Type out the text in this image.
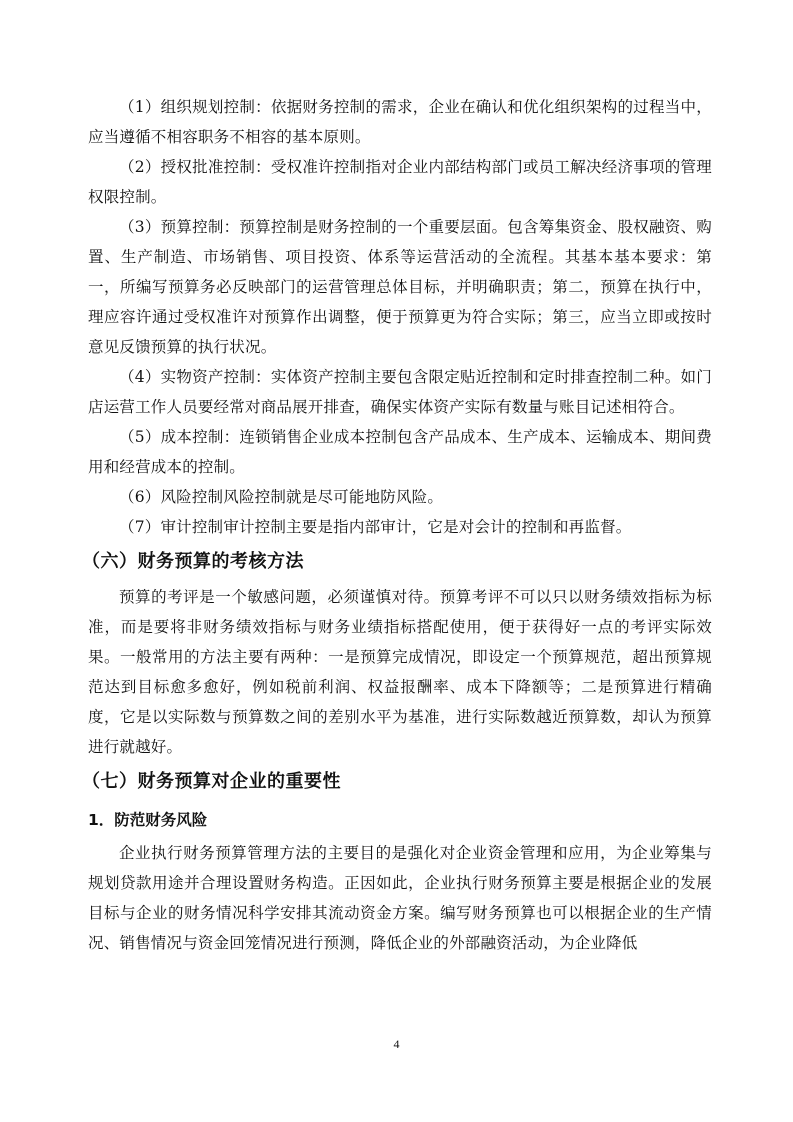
（1）组织规划控制：依据财务控制的需求，企业在确认和优化组织架构的过程当中，应当遵循不相容职务不相容的基本原则。

（2）授权批准控制：受权准许控制指对企业内部结构部门或员工解决经济事项的管理权限控制。

（3）预算控制：预算控制是财务控制的一个重要层面。包含筹集资金、股权融资、购置、生产制造、市场销售、项目投资、体系等运营活动的全流程。其基本基本要求：第一，所编写预算务必反映部门的运营管理总体目标，并明确职责；第二，预算在执行中，理应容许通过受权准许对预算作出调整，便于预算更为符合实际；第三，应当立即或按时意见反馈预算的执行状况。

（4）实物资产控制：实体资产控制主要包含限定贴近控制和定时排查控制二种。如门店运营工作人员要经常对商品展开排查，确保实体资产实际有数量与账目记述相符合。

（5）成本控制：连锁销售企业成本控制包含产品成本、生产成本、运输成本、期间费用和经营成本的控制。

（6）风险控制风险控制就是尽可能地防风险。

（7）审计控制审计控制主要是指内部审计，它是对会计的控制和再监督。

（六）财务预算的考核方法

预算的考评是一个敏感问题，必须谨慎对待。预算考评不可以只以财务绩效指标为标准，而是要将非财务绩效指标与财务业绩指标搭配使用，便于获得好一点的考评实际效果。一般常用的方法主要有两种：一是预算完成情况，即设定一个预算规范，超出预算规范达到目标愈多愈好，例如税前利润、权益报酬率、成本下降额等；二是预算进行精确度，它是以实际数与预算数之间的差别水平为基准，进行实际数越近预算数，却认为预算进行就越好。

（七）财务预算对企业的重要性
1．防范财务风险

企业执行财务预算管理方法的主要目的是强化对企业资金管理和应用，为企业筹集与规划贷款用途并合理设置财务构造。正因如此，企业执行财务预算主要是根据企业的发展目标与企业的财务情况科学安排其流动资金方案。编写财务预算也可以根据企业的生产情况、销售情况与资金回笼情况进行预测，降低企业的外部融资活动，为企业降低

4
